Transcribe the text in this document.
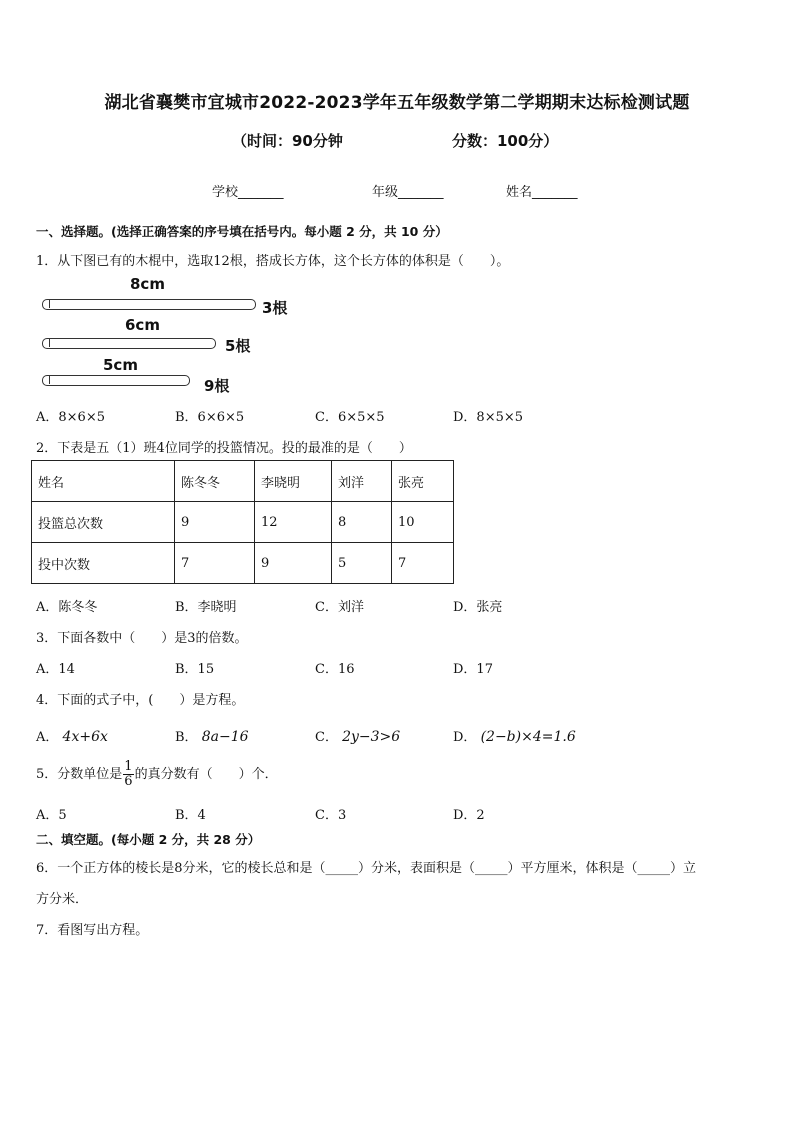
湖北省襄樊市宜城市2022-2023学年五年级数学第二学期期末达标检测试题
（时间：90分钟	分数：100分）
学校_______	年级_______	姓名_______
一、选择题。(选择正确答案的序号填在括号内。每小题 2 分，共 10 分）
1．从下图已有的木棍中，选取12根，搭成长方体，这个长方体的体积是（　　）。
8cm
3根
6cm
5根
5cm
9根
A．8×6×5	B．6×6×5	C．6×5×5	D．8×5×5
2．下表是五（1）班4位同学的投篮情况。投的最准的是（　　）
姓名	陈冬冬	李晓明	刘洋	张亮
投篮总次数	9	12	8	10
投中次数	7	9	5	7
A．陈冬冬	B．李晓明	C．刘洋	D．张亮
3．下面各数中（　　）是3的倍数。
A．14	B．15	C．16	D．17
4．下面的式子中，(　　）是方程。
A． 4x+6x	B． 8a−16	C． 2y−3>6	D． (2−b)×4=1.6
5．分数单位是 $\frac{1}{6}$ 的真分数有（　　）个．
A．5	B．4	C．3	D．2
二、填空题。(每小题 2 分，共 28 分）
6．一个正方体的棱长是8分米，它的棱长总和是（_____）分米，表面积是（_____）平方厘米，体积是（_____）立
方分米．
7．看图写出方程。
